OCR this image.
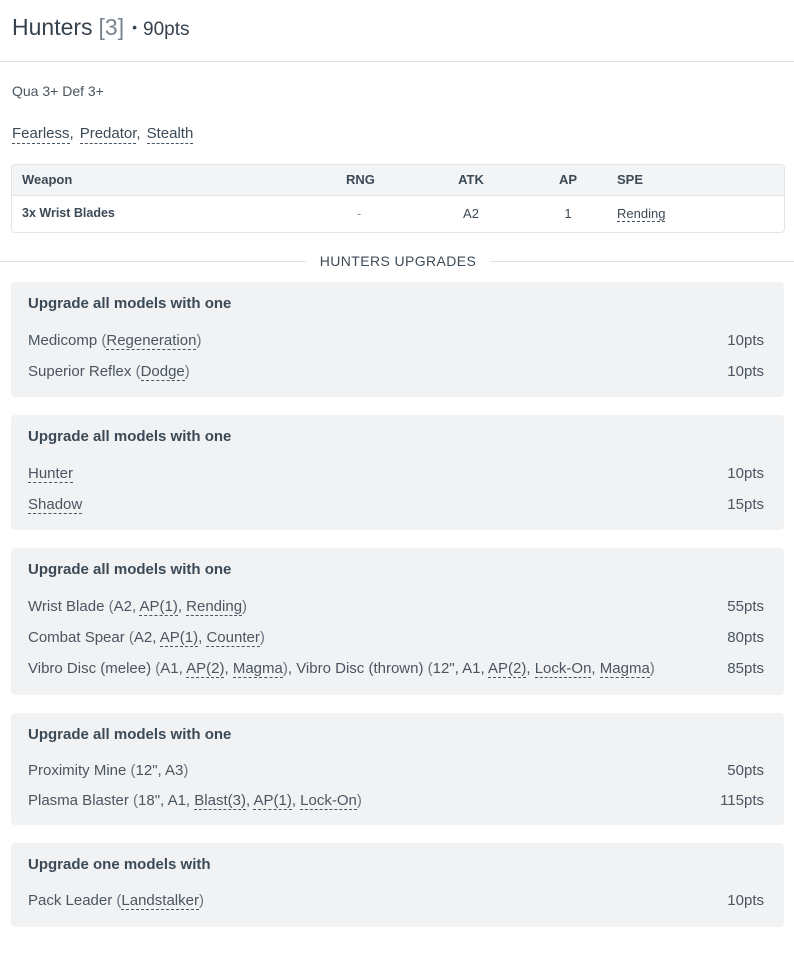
Hunters [3] • 90pts
Qua 3+ Def 3+
Fearless, Predator, Stealth
Weapon	RNG	ATK	AP	SPE
3x Wrist Blades	-	A2	1	Rending
HUNTERS UPGRADES
Upgrade all models with one
Medicomp (Regeneration)	10pts
Superior Reflex (Dodge)	10pts
Upgrade all models with one
Hunter	10pts
Shadow	15pts
Upgrade all models with one
Wrist Blade (A2, AP(1), Rending)	55pts
Combat Spear (A2, AP(1), Counter)	80pts
Vibro Disc (melee) (A1, AP(2), Magma), Vibro Disc (thrown) (12", A1, AP(2), Lock-On, Magma)	85pts
Upgrade all models with one
Proximity Mine (12", A3)	50pts
Plasma Blaster (18", A1, Blast(3), AP(1), Lock-On)	115pts
Upgrade one models with
Pack Leader (Landstalker)	10pts
